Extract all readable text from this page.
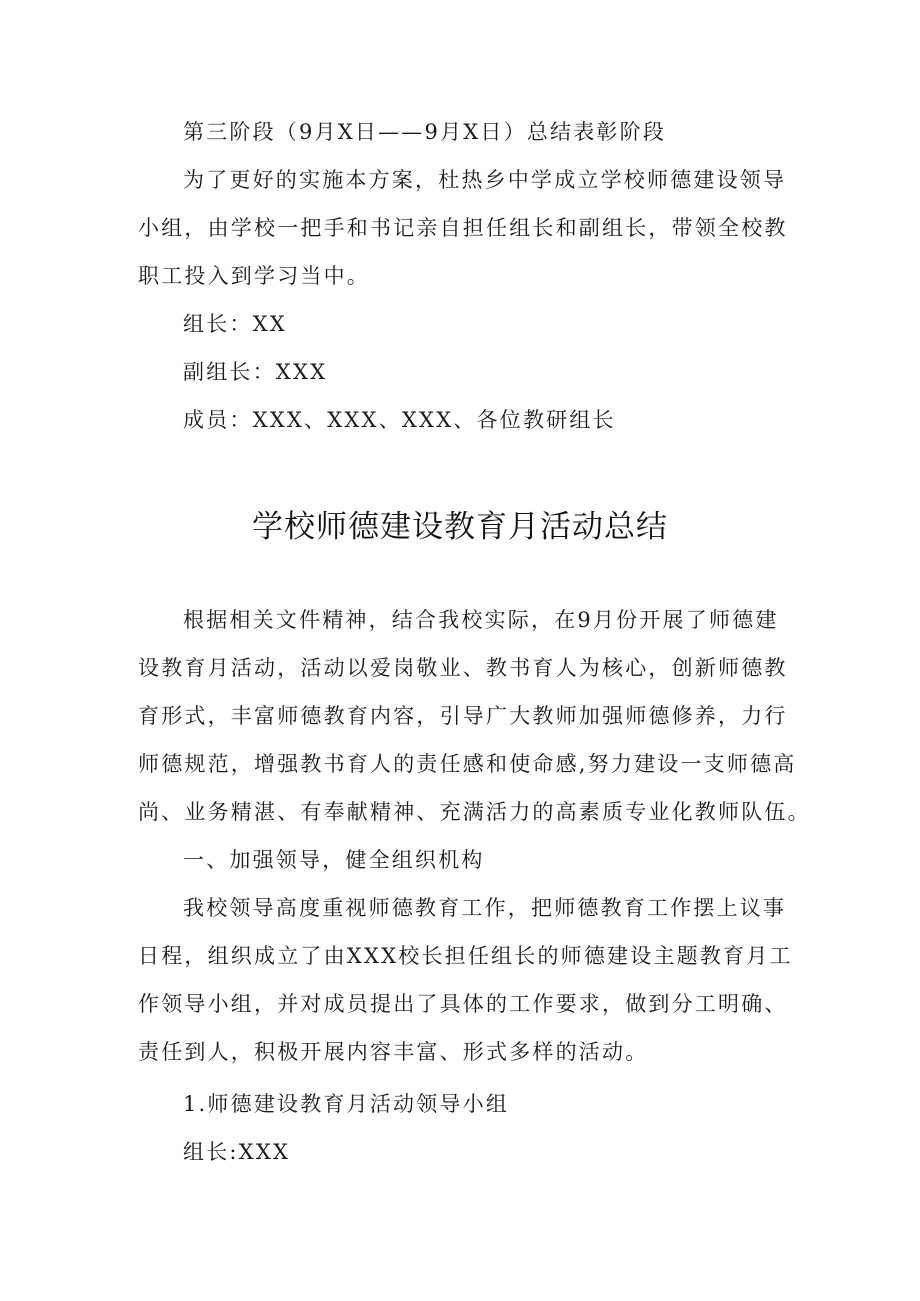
第三阶段（9月X日——9月X日）总结表彰阶段
为了更好的实施本方案，杜热乡中学成立学校师德建设领导
小组，由学校一把手和书记亲自担任组长和副组长，带领全校教
职工投入到学习当中。
组长：XX
副组长：XXX
成员：XXX、XXX、XXX、各位教研组长
学校师德建设教育月活动总结
根据相关文件精神，结合我校实际，在9月份开展了师德建
设教育月活动，活动以爱岗敬业、教书育人为核心，创新师德教
育形式，丰富师德教育内容，引导广大教师加强师德修养，力行
师德规范，增强教书育人的责任感和使命感,努力建设一支师德高
尚、业务精湛、有奉献精神、充满活力的高素质专业化教师队伍。
一、加强领导，健全组织机构
我校领导高度重视师德教育工作，把师德教育工作摆上议事
日程，组织成立了由XXX校长担任组长的师德建设主题教育月工
作领导小组，并对成员提出了具体的工作要求，做到分工明确、
责任到人，积极开展内容丰富、形式多样的活动。
1.师德建设教育月活动领导小组
组长:XXX
